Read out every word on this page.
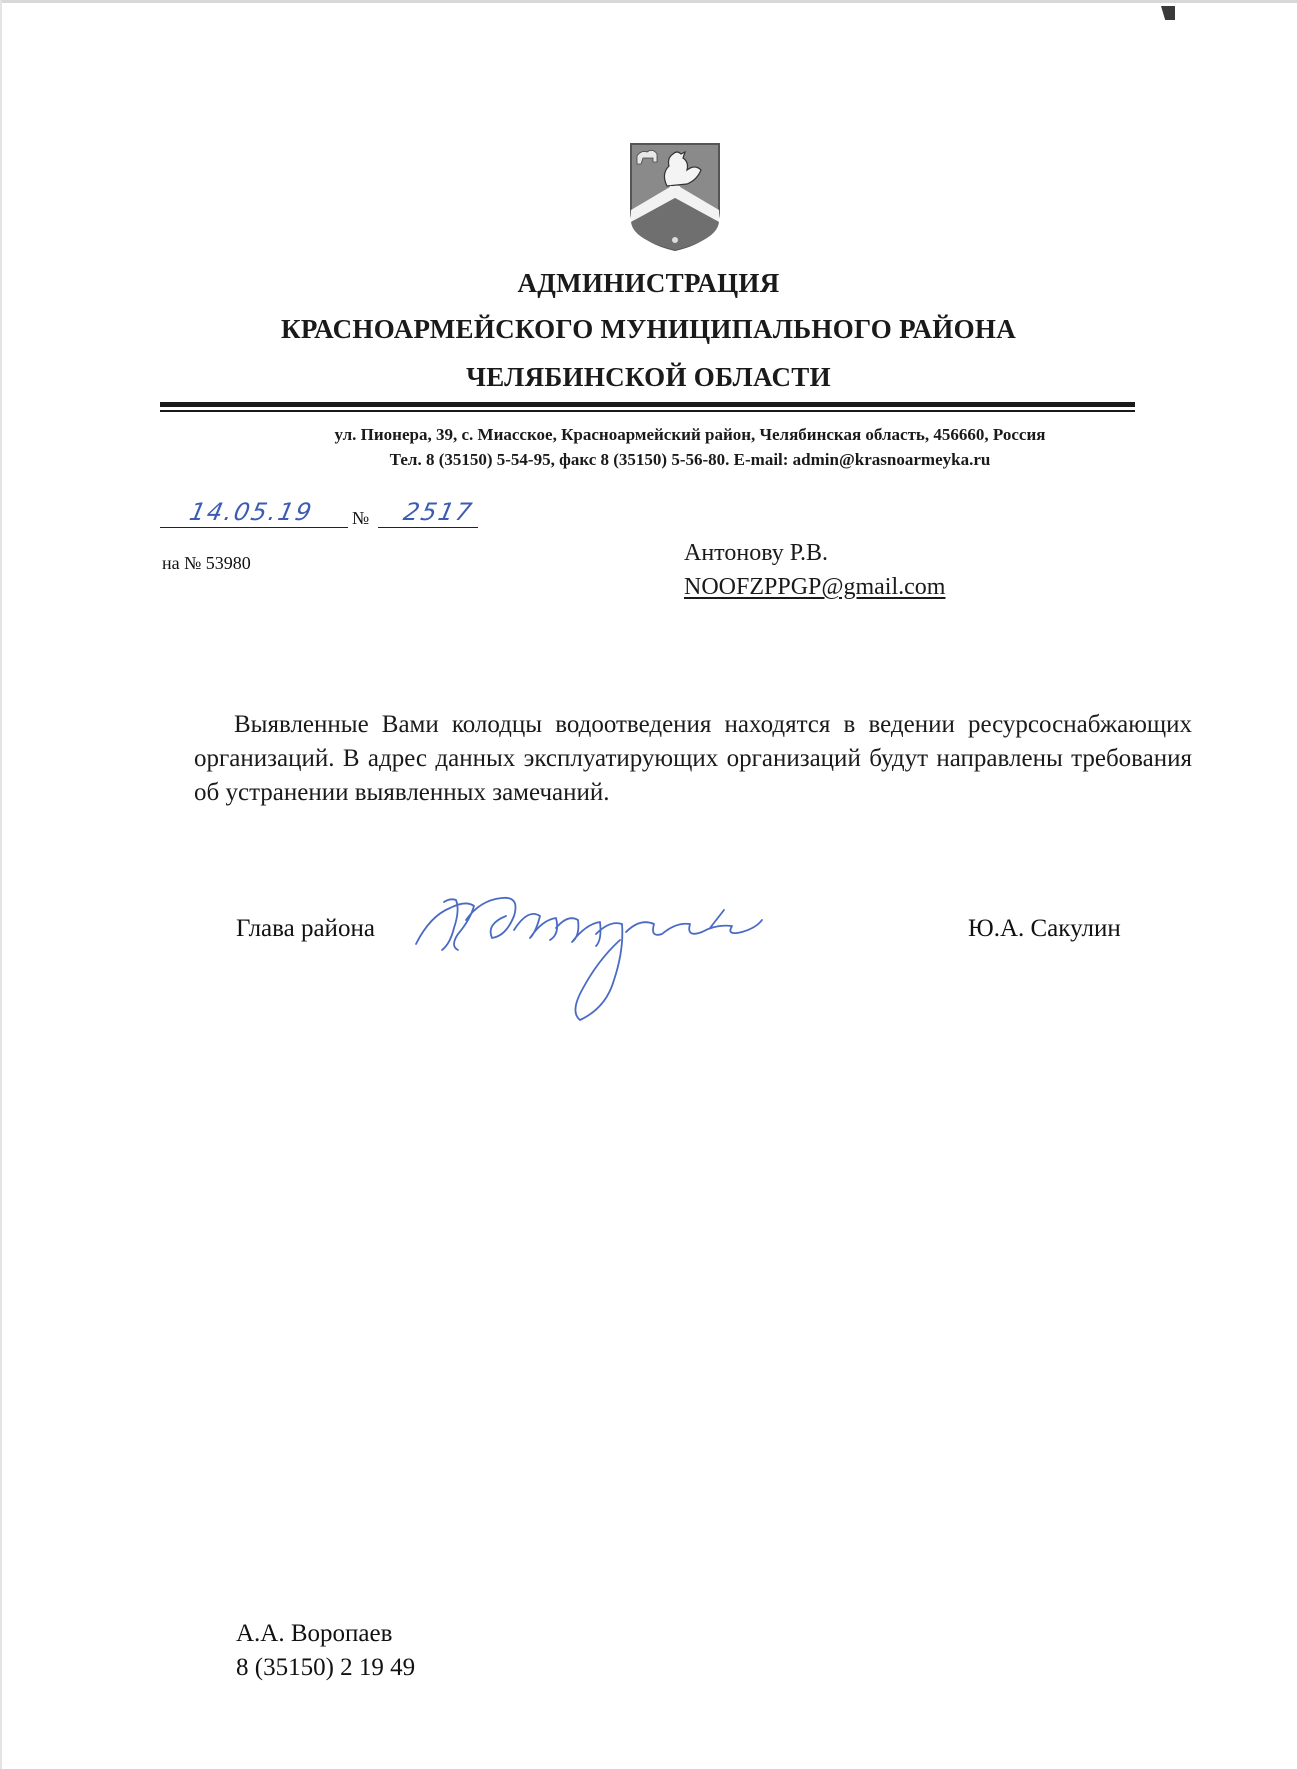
АДМИНИСТРАЦИЯ
КРАСНОАРМЕЙСКОГО МУНИЦИПАЛЬНОГО РАЙОНА
ЧЕЛЯБИНСКОЙ ОБЛАСТИ
ул. Пионера, 39, с. Миасское, Красноармейский район, Челябинская область, 456660, Россия
Тел. 8 (35150) 5-54-95, факс 8 (35150) 5-56-80. E-mail: admin@krasnoarmeyka.ru
14.05.19 № 2517
на № 53980	Антонову Р.В.
NOOFZPPGP@gmail.com
Выявленные Вами колодцы водоотведения находятся в ведении ресурсоснабжающих организаций. В адрес данных эксплуатирующих организаций будут направлены требования об устранении выявленных замечаний.
Глава района	Ю.А. Сакулин
А.А. Воропаев
8 (35150) 2 19 49
